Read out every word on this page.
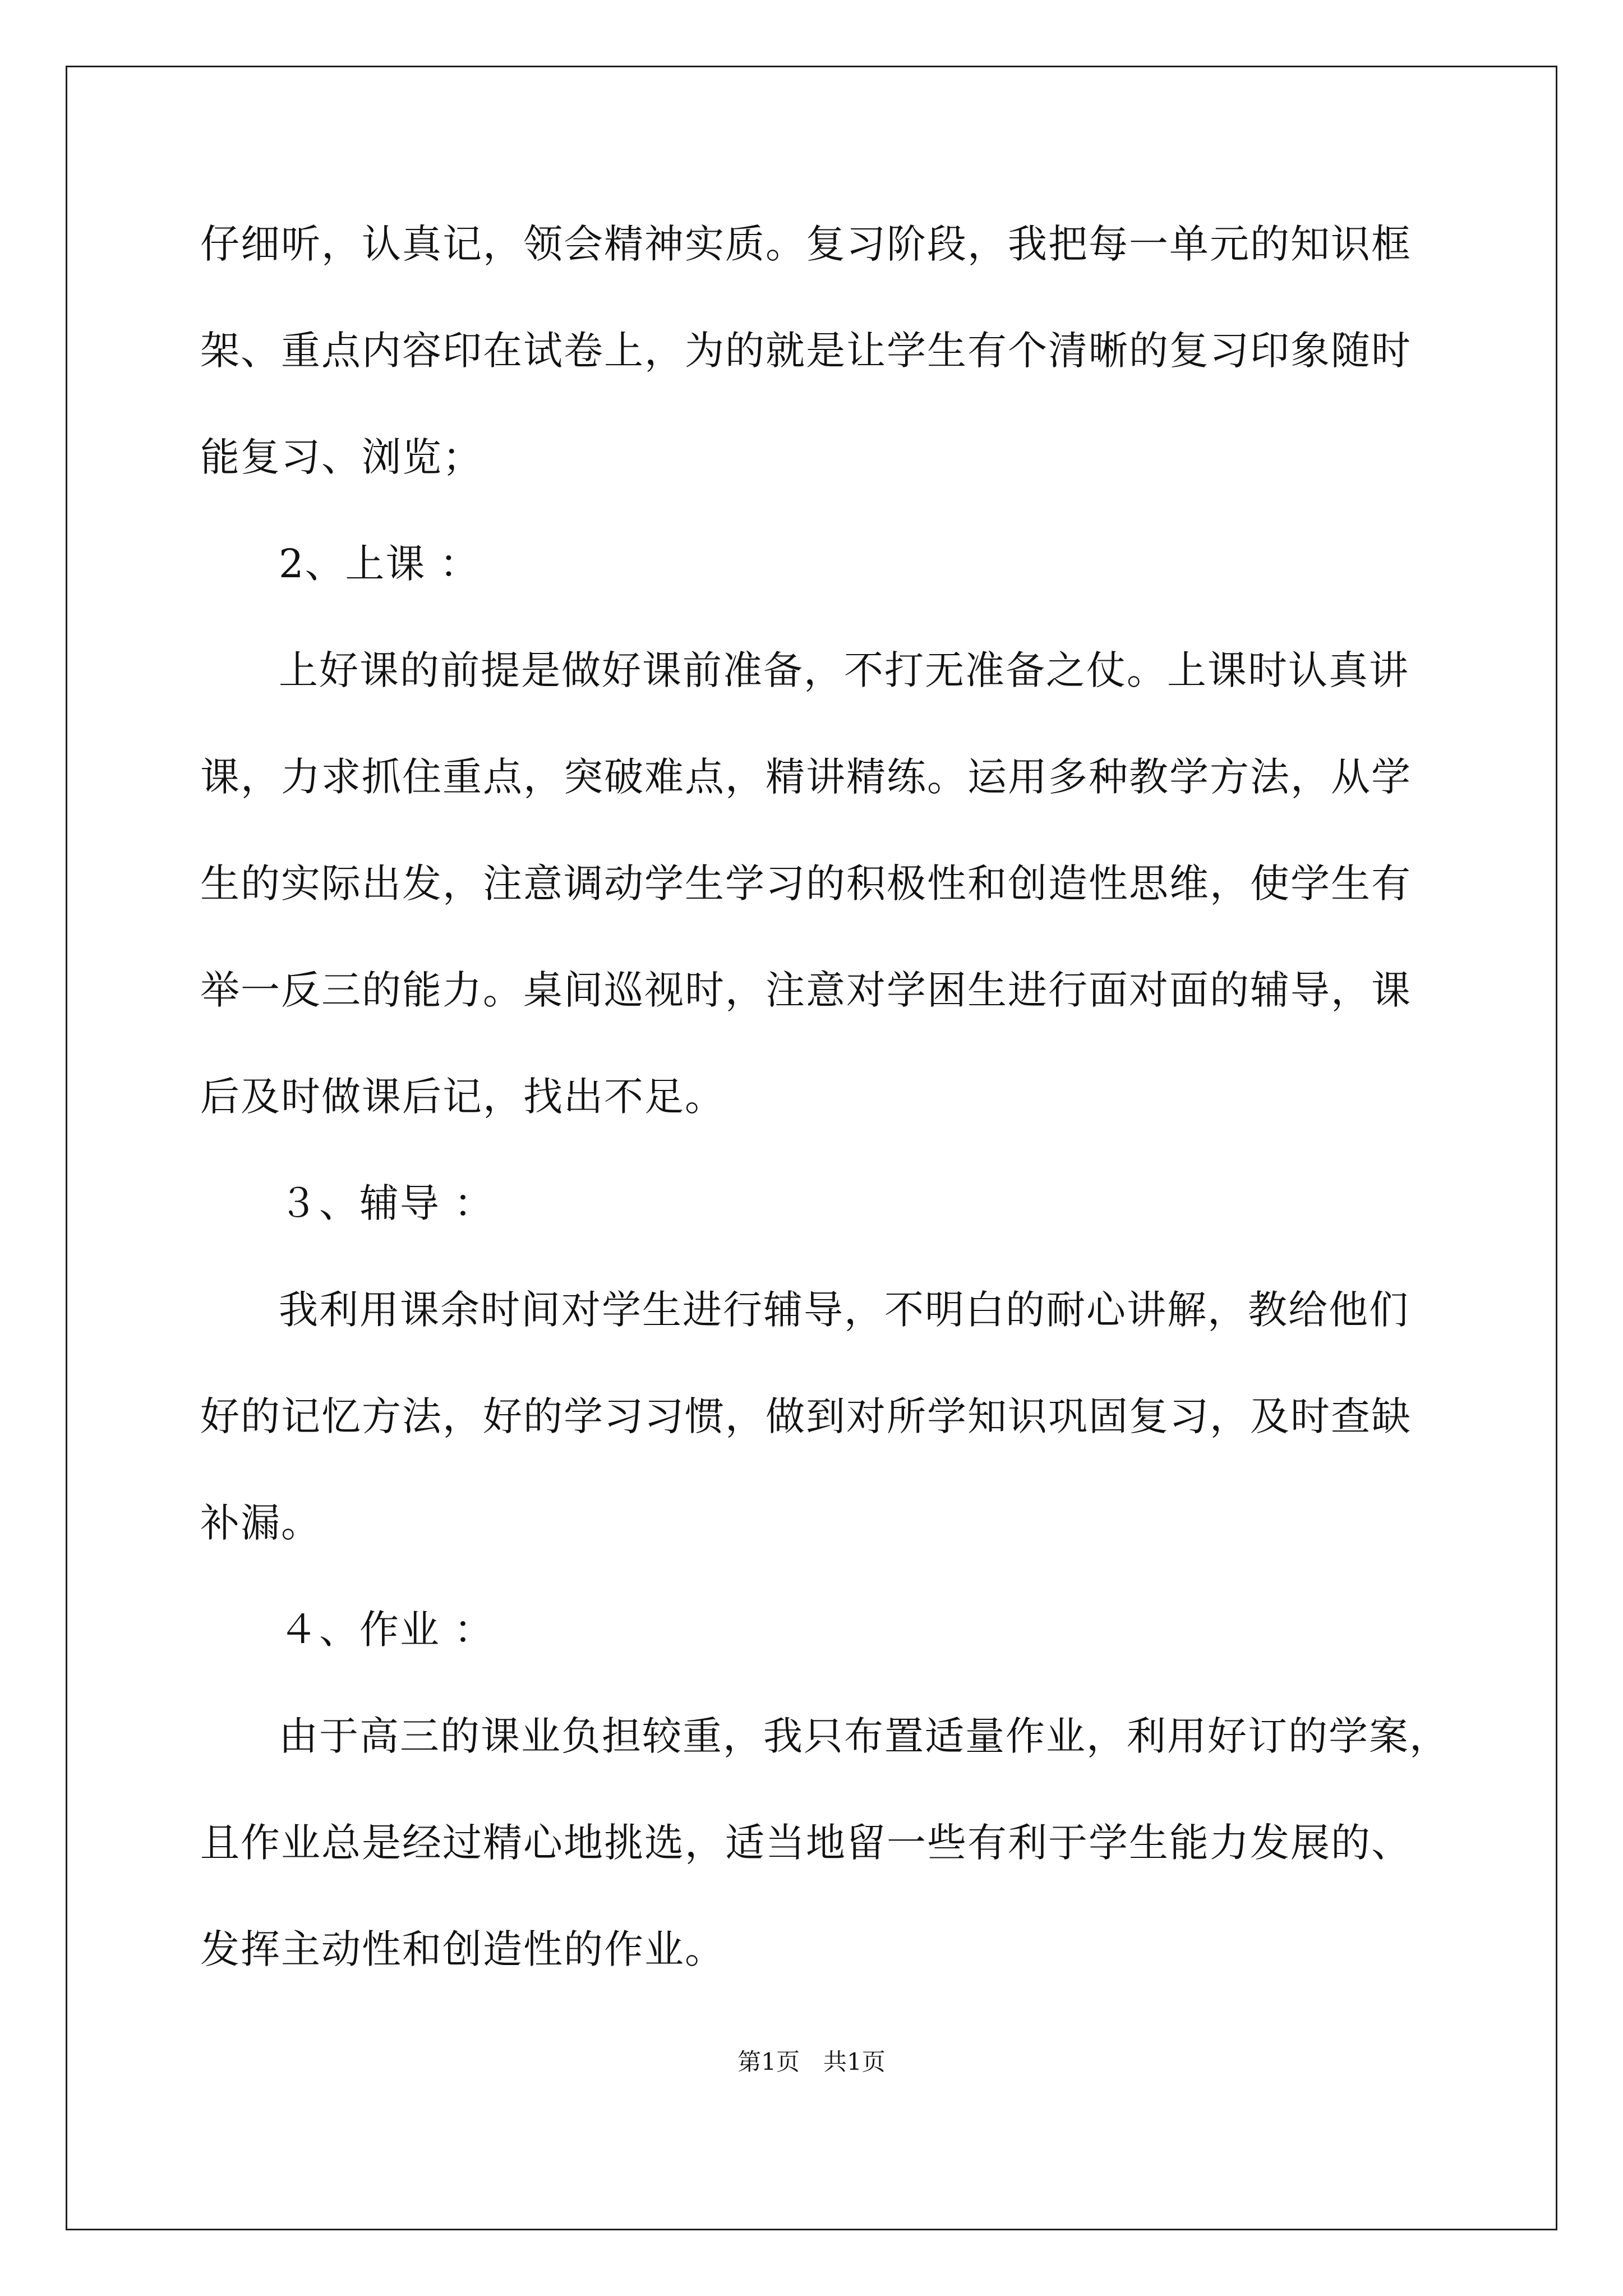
仔细听，认真记，领会精神实质。复习阶段，我把每一单元的知识框
架、重点内容印在试卷上，为的就是让学生有个清晰的复习印象随时
能复习、浏览；
2、上课 ：
上好课的前提是做好课前准备，不打无准备之仗。上课时认真讲
课，力求抓住重点，突破难点，精讲精练。运用多种教学方法，从学
生的实际出发，注意调动学生学习的积极性和创造性思维，使学生有
举一反三的能力。桌间巡视时，注意对学困生进行面对面的辅导，课
后及时做课后记，找出不足。
３、辅导 ：
我利用课余时间对学生进行辅导，不明白的耐心讲解，教给他们
好的记忆方法，好的学习习惯，做到对所学知识巩固复习，及时查缺
补漏。
４、作业 ：
由于高三的课业负担较重，我只布置适量作业，利用好订的学案，
且作业总是经过精心地挑选，适当地留一些有利于学生能力发展的、
发挥主动性和创造性的作业。
第1页　共1页
